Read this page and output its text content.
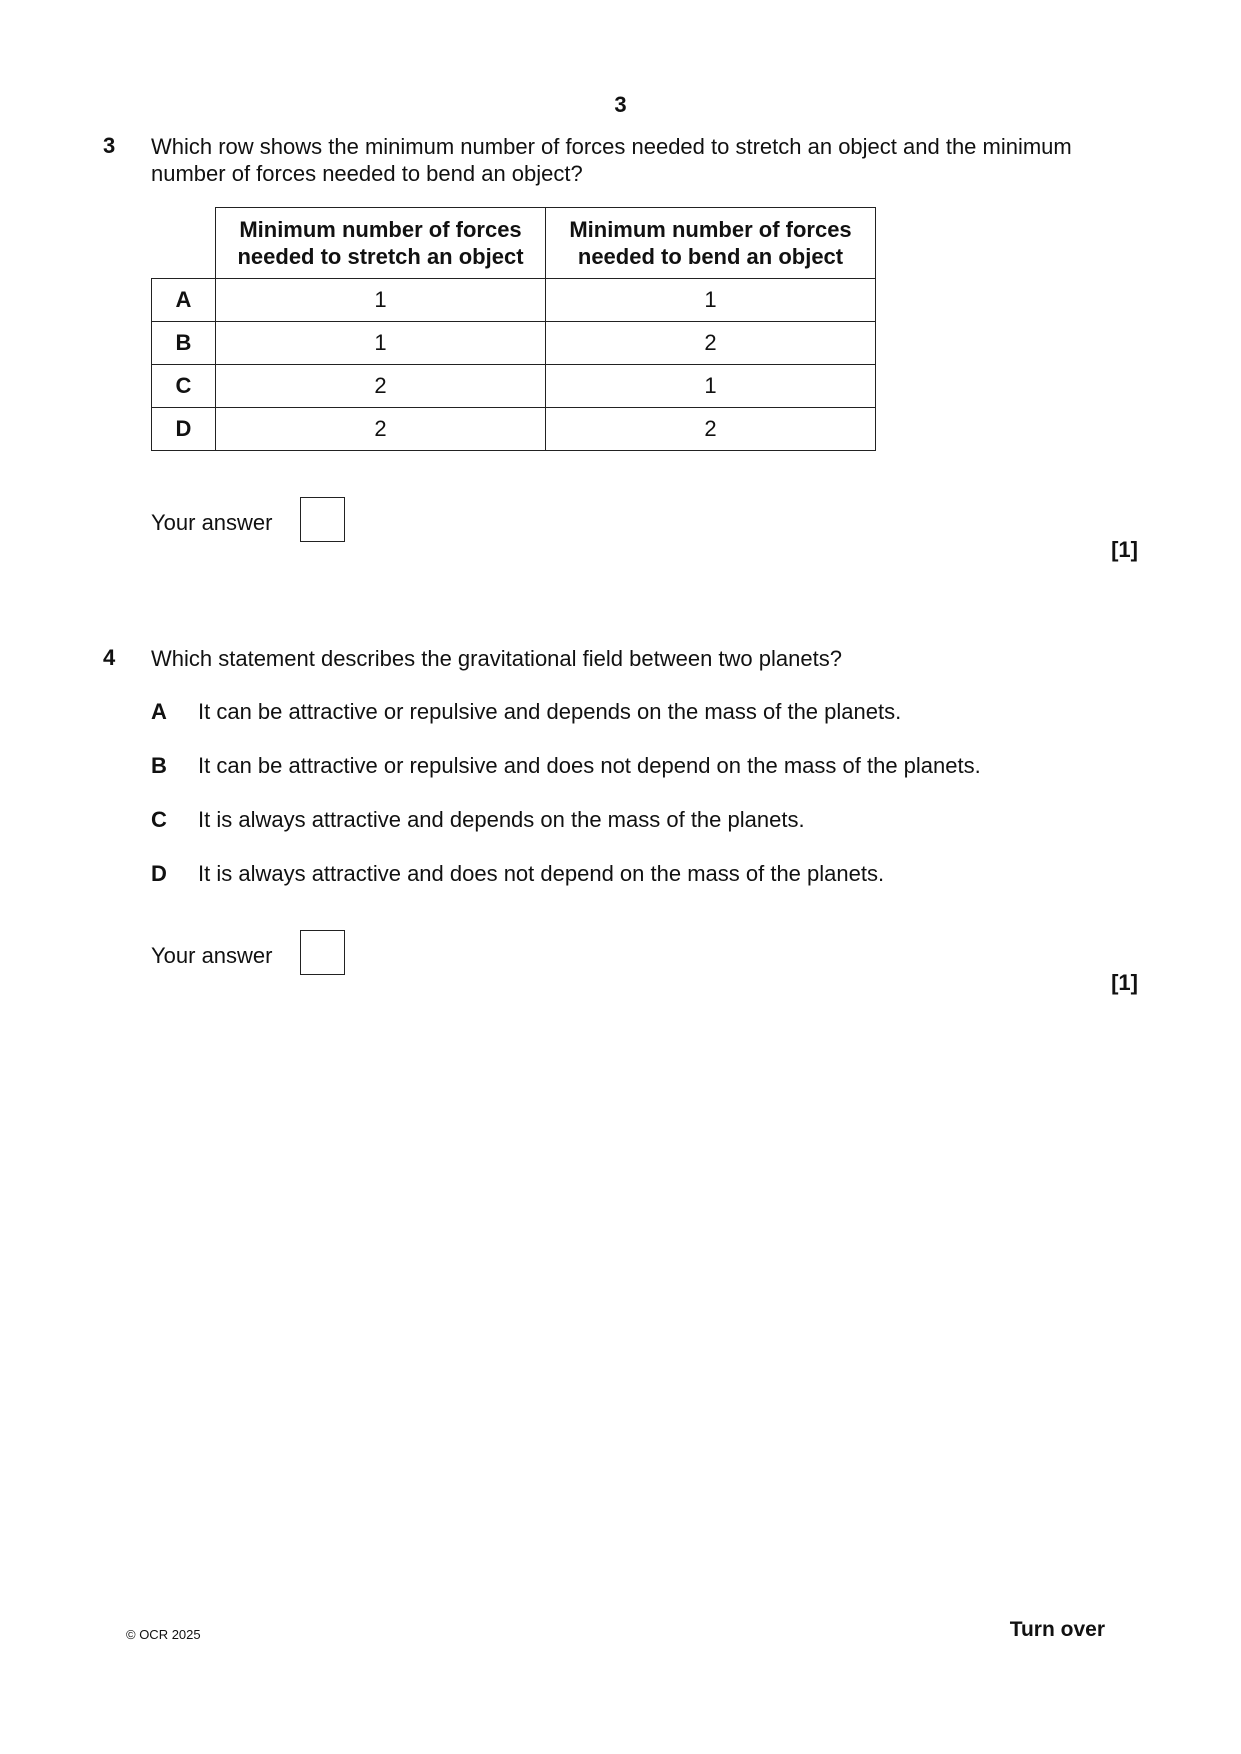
3
3 Which row shows the minimum number of forces needed to stretch an object and the minimum number of forces needed to bend an object?
	Minimum number of forces needed to stretch an object	Minimum number of forces needed to bend an object
A	1	1
B	1	2
C	2	1
D	2	2
Your answer
[1]
4 Which statement describes the gravitational field between two planets?
A It can be attractive or repulsive and depends on the mass of the planets.
B It can be attractive or repulsive and does not depend on the mass of the planets.
C It is always attractive and depends on the mass of the planets.
D It is always attractive and does not depend on the mass of the planets.
Your answer
[1]
© OCR 2025	Turn over
